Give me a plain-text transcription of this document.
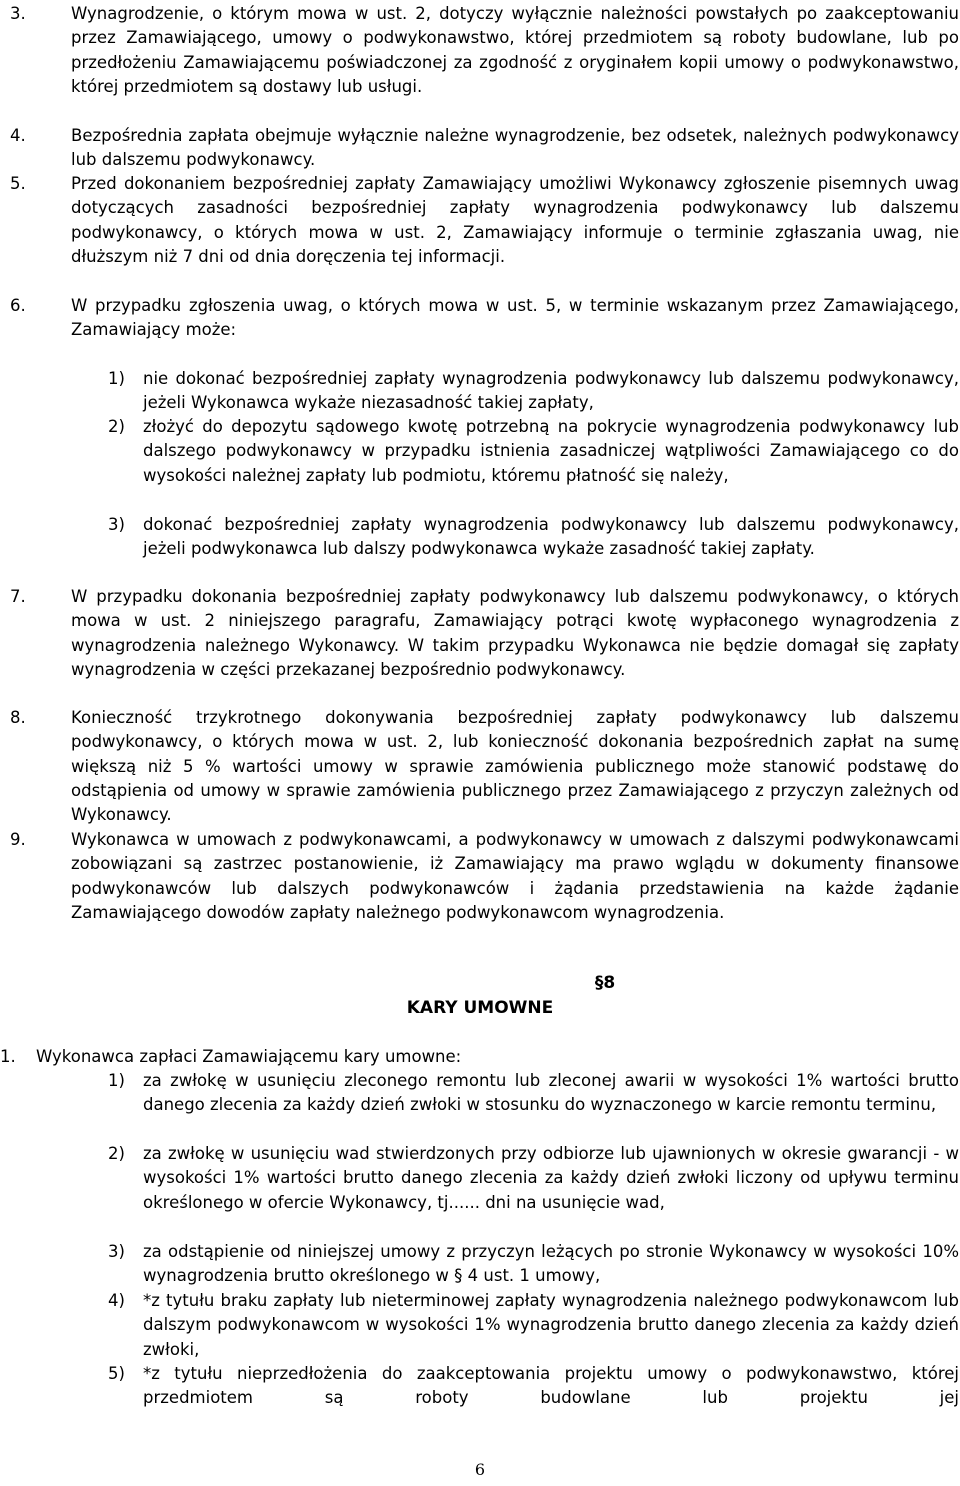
3.	Wynagrodzenie, o którym mowa w ust. 2, dotyczy wyłącznie należności powstałych po zaakceptowaniu przez Zamawiającego, umowy o podwykonawstwo, której przedmiotem są roboty budowlane, lub po przedłożeniu Zamawiającemu poświadczonej za zgodność z oryginałem kopii umowy o podwykonawstwo, której przedmiotem są dostawy lub usługi.
4.	Bezpośrednia zapłata obejmuje wyłącznie należne wynagrodzenie, bez odsetek, należnych podwykonawcy lub dalszemu podwykonawcy.
5.	Przed dokonaniem bezpośredniej zapłaty Zamawiający umożliwi Wykonawcy zgłoszenie pisemnych uwag dotyczących zasadności bezpośredniej zapłaty wynagrodzenia podwykonawcy lub dalszemu podwykonawcy, o których mowa w ust. 2, Zamawiający informuje o terminie zgłaszania uwag, nie dłuższym niż 7 dni od dnia doręczenia tej informacji.
6.	W przypadku zgłoszenia uwag, o których mowa w ust. 5, w terminie wskazanym przez Zamawiającego, Zamawiający może:
1) nie dokonać bezpośredniej zapłaty wynagrodzenia podwykonawcy lub dalszemu podwykonawcy, jeżeli Wykonawca wykaże niezasadność takiej zapłaty,
2) złożyć do depozytu sądowego kwotę potrzebną na pokrycie wynagrodzenia podwykonawcy lub dalszego podwykonawcy w przypadku istnienia zasadniczej wątpliwości Zamawiającego co do wysokości należnej zapłaty lub podmiotu, któremu płatność się należy,
3) dokonać bezpośredniej zapłaty wynagrodzenia podwykonawcy lub dalszemu podwykonawcy, jeżeli podwykonawca lub dalszy podwykonawca wykaże zasadność takiej zapłaty.
7.	W przypadku dokonania bezpośredniej zapłaty podwykonawcy lub dalszemu podwykonawcy, o których mowa w ust. 2 niniejszego paragrafu, Zamawiający potrąci kwotę wypłaconego wynagrodzenia z wynagrodzenia należnego Wykonawcy. W takim przypadku Wykonawca nie będzie domagał się zapłaty wynagrodzenia w części przekazanej bezpośrednio podwykonawcy.
8.	Konieczność trzykrotnego dokonywania bezpośredniej zapłaty podwykonawcy lub dalszemu podwykonawcy, o których mowa w ust. 2, lub konieczność dokonania bezpośrednich zapłat na sumę większą niż 5 % wartości umowy w sprawie zamówienia publicznego może stanowić podstawę do odstąpienia od umowy w sprawie zamówienia publicznego przez Zamawiającego z przyczyn zależnych od Wykonawcy.
9.	Wykonawca w umowach z podwykonawcami, a podwykonawcy w umowach z dalszymi podwykonawcami zobowiązani są zastrzec postanowienie, iż Zamawiający ma prawo wglądu w dokumenty finansowe podwykonawców lub dalszych podwykonawców i żądania przedstawienia na każde żądanie Zamawiającego dowodów zapłaty należnego podwykonawcom wynagrodzenia.
§8
KARY UMOWNE
1. Wykonawca zapłaci Zamawiającemu kary umowne:
1) za zwłokę w usunięciu zleconego remontu lub zleconej awarii w wysokości 1% wartości brutto danego zlecenia za każdy dzień zwłoki w stosunku do wyznaczonego w karcie remontu terminu,
2) za zwłokę w usunięciu wad stwierdzonych przy odbiorze lub ujawnionych w okresie gwarancji - w wysokości 1% wartości brutto danego zlecenia za każdy dzień zwłoki liczony od upływu terminu określonego w ofercie Wykonawcy, tj...... dni na usunięcie wad,
3) za odstąpienie od niniejszej umowy z przyczyn leżących po stronie Wykonawcy w wysokości 10% wynagrodzenia brutto określonego w § 4 ust. 1 umowy,
4) *z tytułu braku zapłaty lub nieterminowej zapłaty wynagrodzenia należnego podwykonawcom lub dalszym podwykonawcom w wysokości 1% wynagrodzenia brutto danego zlecenia za każdy dzień zwłoki,
5) *z tytułu nieprzedłożenia do zaakceptowania projektu umowy o podwykonawstwo, której przedmiotem są roboty budowlane lub projektu jej
6
